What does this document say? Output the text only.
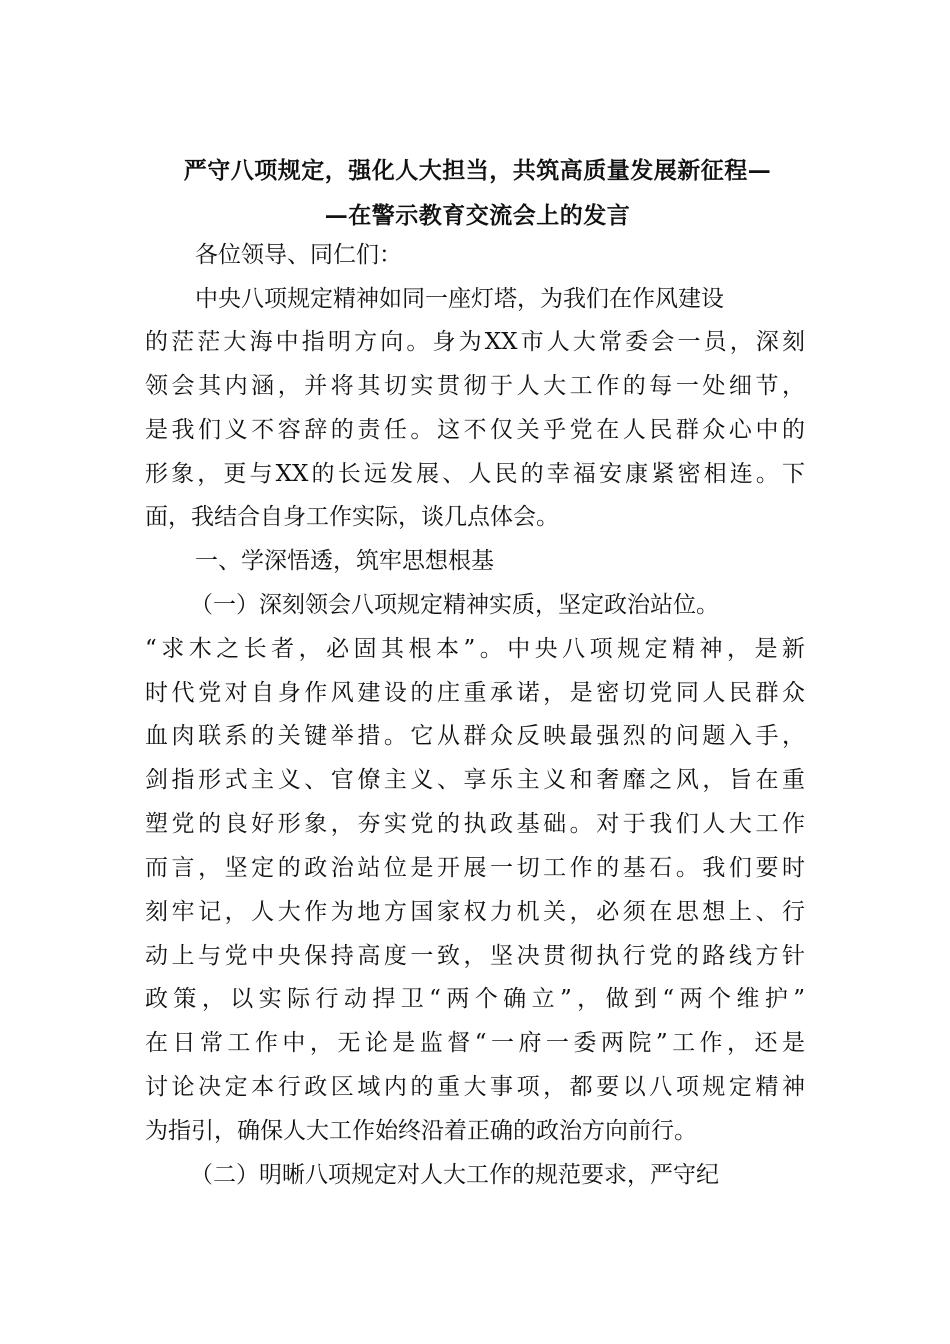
严守八项规定，强化人大担当，共筑高质量发展新征程—
—在警示教育交流会上的发言
各位领导、同仁们：
中央八项规定精神如同一座灯塔，为我们在作风建设
的茫茫大海中指明方向。身为XX市人大常委会一员，深刻
领会其内涵，并将其切实贯彻于人大工作的每一处细节，
是我们义不容辞的责任。这不仅关乎党在人民群众心中的
形象，更与XX的长远发展、人民的幸福安康紧密相连。下
面，我结合自身工作实际，谈几点体会。
一、学深悟透，筑牢思想根基
（一）深刻领会八项规定精神实质，坚定政治站位。
“求木之长者，必固其根本”。中央八项规定精神，是新
时代党对自身作风建设的庄重承诺，是密切党同人民群众
血肉联系的关键举措。它从群众反映最强烈的问题入手，
剑指形式主义、官僚主义、享乐主义和奢靡之风，旨在重
塑党的良好形象，夯实党的执政基础。对于我们人大工作
而言，坚定的政治站位是开展一切工作的基石。我们要时
刻牢记，人大作为地方国家权力机关，必须在思想上、行
动上与党中央保持高度一致，坚决贯彻执行党的路线方针
政策，以实际行动捍卫“两个确立”，做到“两个维护”
在日常工作中，无论是监督“一府一委两院”工作，还是
讨论决定本行政区域内的重大事项，都要以八项规定精神
为指引，确保人大工作始终沿着正确的政治方向前行。
（二）明晰八项规定对人大工作的规范要求，严守纪
